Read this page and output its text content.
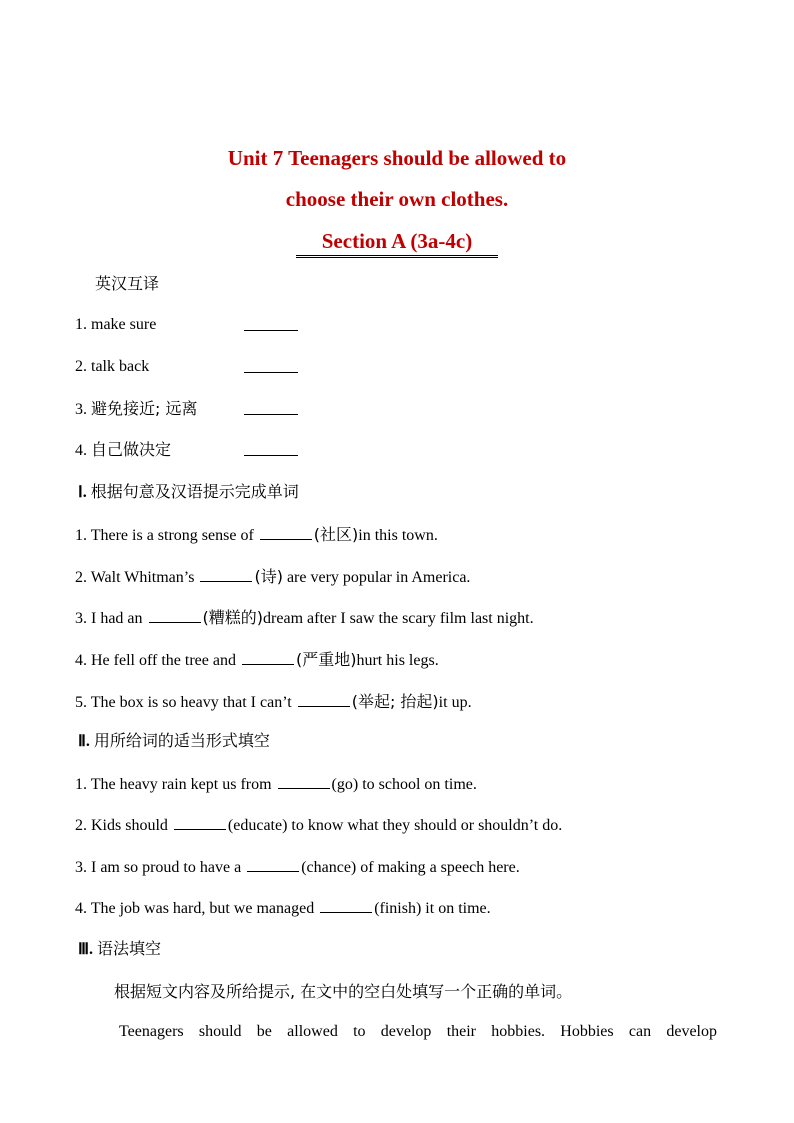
Unit 7 Teenagers should be allowed to
choose their own clothes.
Section A (3a-4c)
英汉互译
1. make sure
2. talk back
3. 避免接近; 远离
4. 自己做决定
Ⅰ. 根据句意及汉语提示完成单词
1. There is a strong sense of	(社区)in this town.
2. Walt Whitman’s	(诗) are very popular in America.
3. I had an	(糟糕的)dream after I saw the scary film last night.
4. He fell off the tree and	(严重地)hurt his legs.
5. The box is so heavy that I can’t	(举起; 抬起)it up.
Ⅱ. 用所给词的适当形式填空
1. The heavy rain kept us from	(go) to school on time.
2. Kids should	(educate) to know what they should or shouldn’t do.
3. I am so proud to have a	(chance) of making a speech here.
4. The job was hard, but we managed	(finish) it on time.
Ⅲ. 语法填空
根据短文内容及所给提示, 在文中的空白处填写一个正确的单词。
Teenagers should be allowed to develop their hobbies. Hobbies can develop
